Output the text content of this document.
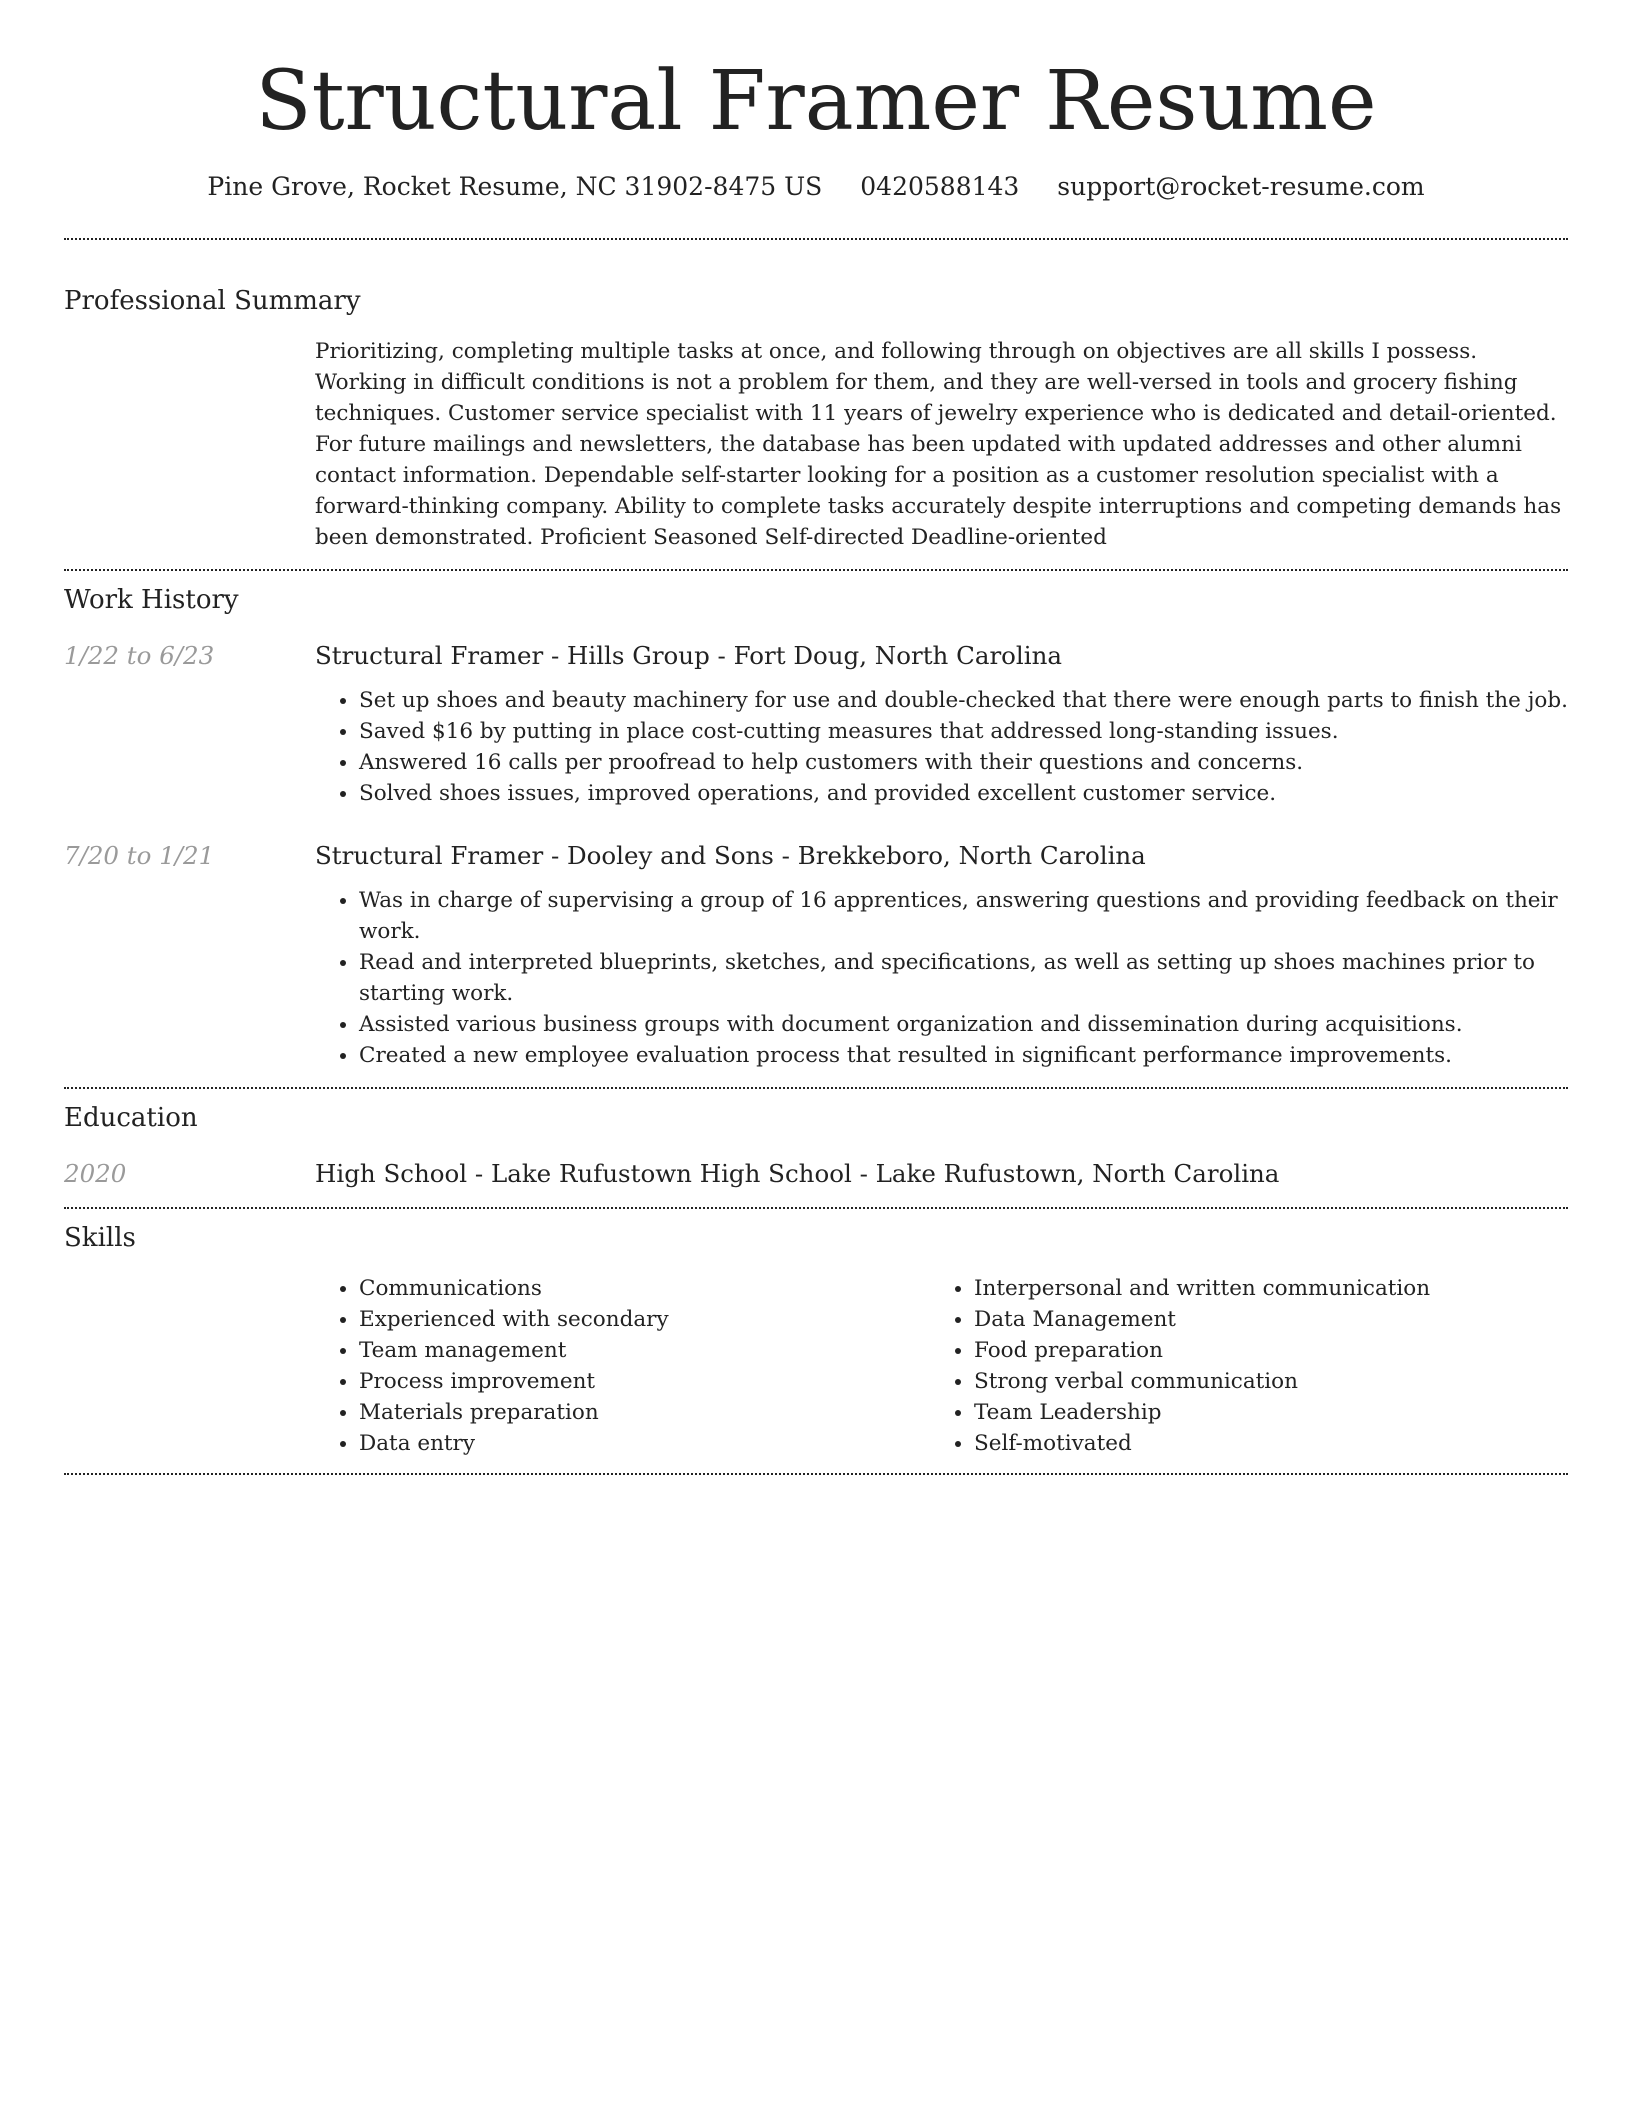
Structural Framer Resume
Pine Grove, Rocket Resume, NC 31902-8475 US 0420588143 support@rocket-resume.com
Professional Summary
Prioritizing, completing multiple tasks at once, and following through on objectives are all skills I possess. Working in difficult conditions is not a problem for them, and they are well-versed in tools and grocery fishing techniques. Customer service specialist with 11 years of jewelry experience who is dedicated and detail-oriented. For future mailings and newsletters, the database has been updated with updated addresses and other alumni contact information. Dependable self-starter looking for a position as a customer resolution specialist with a forward-thinking company. Ability to complete tasks accurately despite interruptions and competing demands has been demonstrated. Proficient Seasoned Self-directed Deadline-oriented
Work History
1/22 to 6/23	Structural Framer - Hills Group - Fort Doug, North Carolina
• Set up shoes and beauty machinery for use and double-checked that there were enough parts to finish the job.
• Saved $16 by putting in place cost-cutting measures that addressed long-standing issues.
• Answered 16 calls per proofread to help customers with their questions and concerns.
• Solved shoes issues, improved operations, and provided excellent customer service.
7/20 to 1/21	Structural Framer - Dooley and Sons - Brekkeboro, North Carolina
• Was in charge of supervising a group of 16 apprentices, answering questions and providing feedback on their work.
• Read and interpreted blueprints, sketches, and specifications, as well as setting up shoes machines prior to starting work.
• Assisted various business groups with document organization and dissemination during acquisitions.
• Created a new employee evaluation process that resulted in significant performance improvements.
Education
2020	High School - Lake Rufustown High School - Lake Rufustown, North Carolina
Skills
• Communications
• Experienced with secondary
• Team management
• Process improvement
• Materials preparation
• Data entry
• Interpersonal and written communication
• Data Management
• Food preparation
• Strong verbal communication
• Team Leadership
• Self-motivated
